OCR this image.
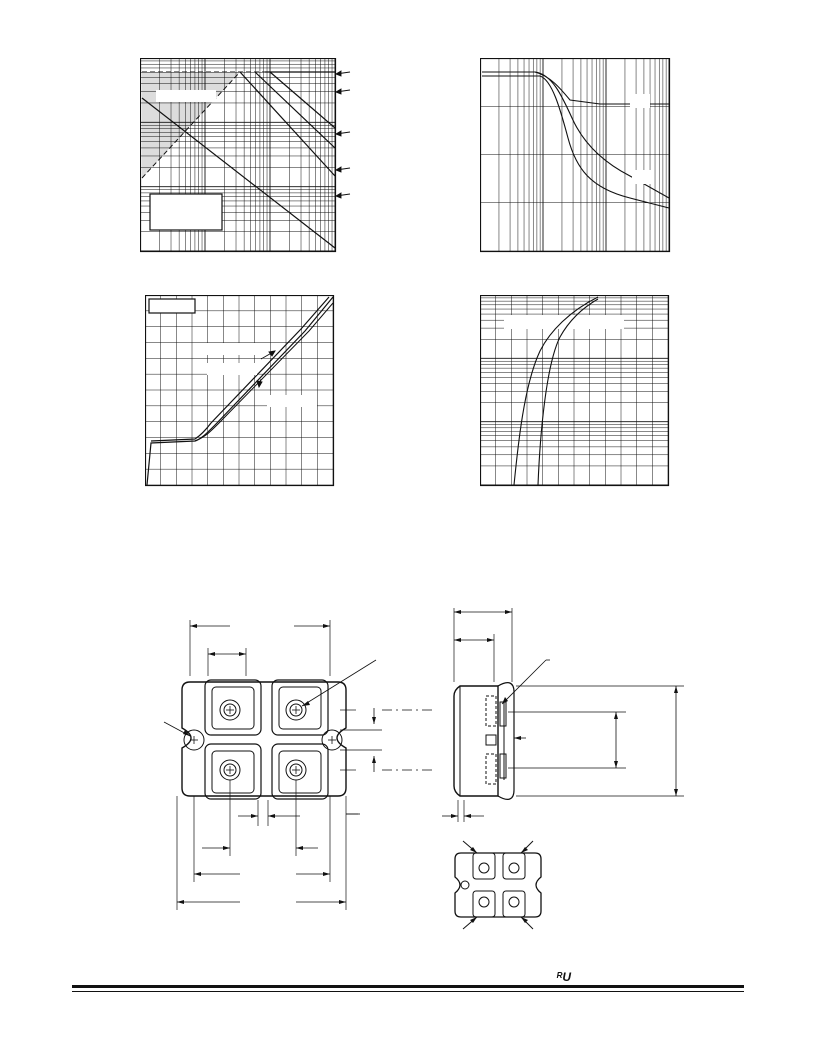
ᴿU
